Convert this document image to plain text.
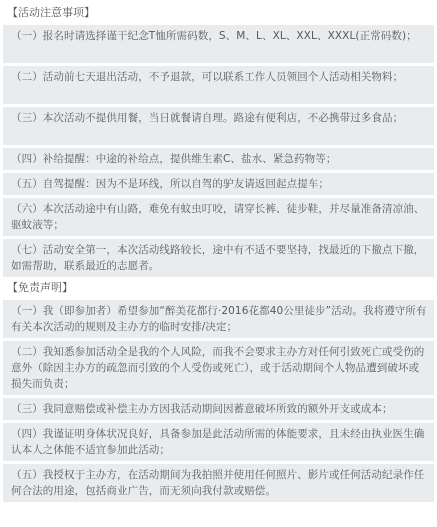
【活动注意事项】
（一）报名时请选择谨干纪念T恤所需码数，S、M、L、XL、XXL、XXXL(正常码数)；
（二）活动前七天退出活动，不予退款，可以联系工作人员领回个人活动相关物料；
（三）本次活动不提供用餐，当日就餐请自理。路途有便利店，不必携带过多食品；
（四）补给提醒：中途的补给点，提供维生素C、盐水、紧急药物等；
（五）自驾提醒：因为不是环线，所以自驾的驴友请返回起点提车；
（六）本次活动途中有山路，难免有蚊虫叮咬，请穿长裤、徒步鞋，并尽量准备清凉油、驱蚊液等；
（七）活动安全第一，本次活动线路较长，途中有不适不要坚持，找最近的下撤点下撤，如需帮助，联系最近的志愿者。
【免责声明】
（一）我（即参加者）希望参加“醉美花都行·2016花都40公里徒步”活动。我将遵守所有有关本次活动的规则及主办方的临时安排/决定；
（二）我知悉参加活动全是我的个人风险，而我不会要求主办方对任何引致死亡或受伤的意外（除因主办方的疏忽而引致的个人受伤或死亡），或于活动期间个人物品遭到破坏或损失而负责；
（三）我同意赔偿或补偿主办方因我活动期间因蓄意破坏所致的额外开支或成本；
（四）我谨证明身体状况良好，具备参加是此活动所需的体能要求，且未经由执业医生确认本人之体能不适宜参加此活动；
（五）我授权于主办方，在活动期间为我拍照并使用任何照片、影片或任何活动纪录作任何合法的用途，包括商业广告，而无须向我付款或赔偿。
